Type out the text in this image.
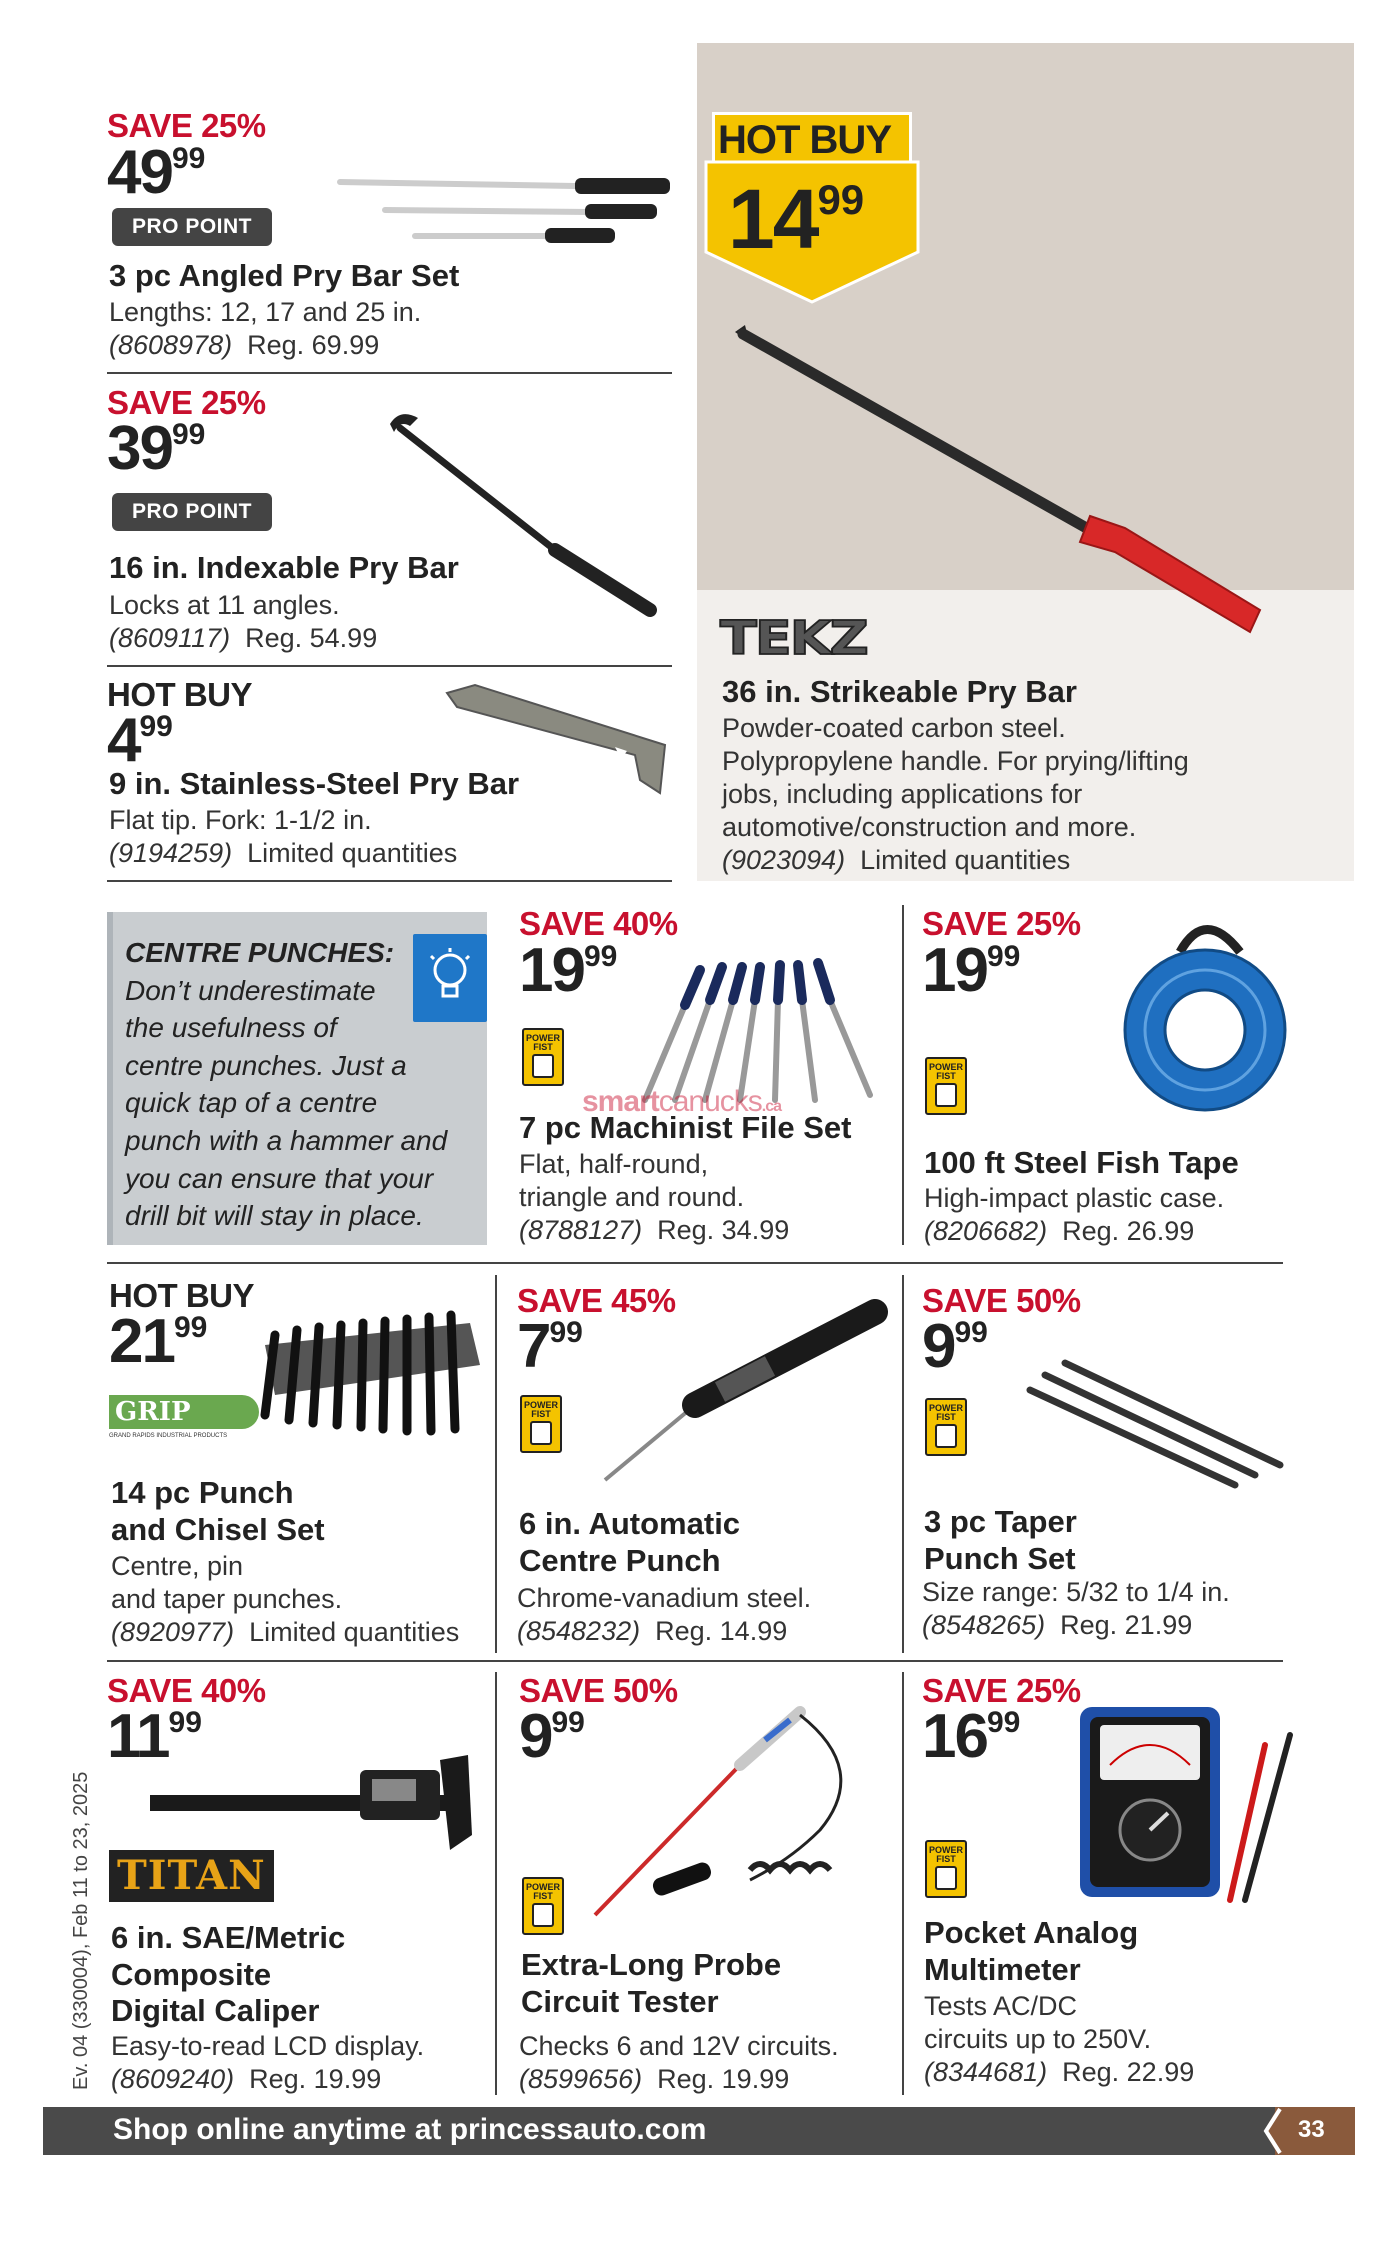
SAVE 25%
$49^{99}$
PRO POINT
3 pc Angled Pry Bar Set
Lengths: 12, 17 and 25 in.
(8608978) Reg. 69.99
SAVE 25%
$39^{99}$
PRO POINT
16 in. Indexable Pry Bar
Locks at 11 angles.
(8609117) Reg. 54.99
HOT BUY
$4^{99}$
9 in. Stainless-Steel Pry Bar
Flat tip. Fork: 1-1/2 in.
(9194259) Limited quantities
HOT BUY
$14^{99}$
TEKZ
36 in. Strikeable Pry Bar
Powder-coated carbon steel.
Polypropylene handle. For prying/lifting
jobs, including applications for
automotive/construction and more.
(9023094) Limited quantities
CENTRE PUNCHES:
Don’t underestimate
the usefulness of
centre punches. Just a
quick tap of a centre
punch with a hammer and
you can ensure that your
drill bit will stay in place.
SAVE 40%
$19^{99}$
POWER FIST
smartcanucks.ca
7 pc Machinist File Set
Flat, half-round,
triangle and round.
(8788127) Reg. 34.99
SAVE 25%
$19^{99}$
POWER FIST
100 ft Steel Fish Tape
High-impact plastic case.
(8206682) Reg. 26.99
HOT BUY
$21^{99}$
GRIP
GRAND RAPIDS INDUSTRIAL PRODUCTS
14 pc Punch
and Chisel Set
Centre, pin
and taper punches.
(8920977) Limited quantities
SAVE 45%
$7^{99}$
POWER FIST
6 in. Automatic
Centre Punch
Chrome-vanadium steel.
(8548232) Reg. 14.99
SAVE 50%
$9^{99}$
POWER FIST
3 pc Taper
Punch Set
Size range: 5/32 to 1/4 in.
(8548265) Reg. 21.99
SAVE 40%
$11^{99}$
TITAN
6 in. SAE/Metric
Composite
Digital Caliper
Easy-to-read LCD display.
(8609240) Reg. 19.99
Ev. 04 (330004), Feb 11 to 23, 2025
SAVE 50%
$9^{99}$
POWER FIST
Extra-Long Probe
Circuit Tester
Checks 6 and 12V circuits.
(8599656) Reg. 19.99
SAVE 25%
$16^{99}$
POWER FIST
Pocket Analog
Multimeter
Tests AC/DC
circuits up to 250V.
(8344681) Reg. 22.99
Shop online anytime at princessauto.com	33
